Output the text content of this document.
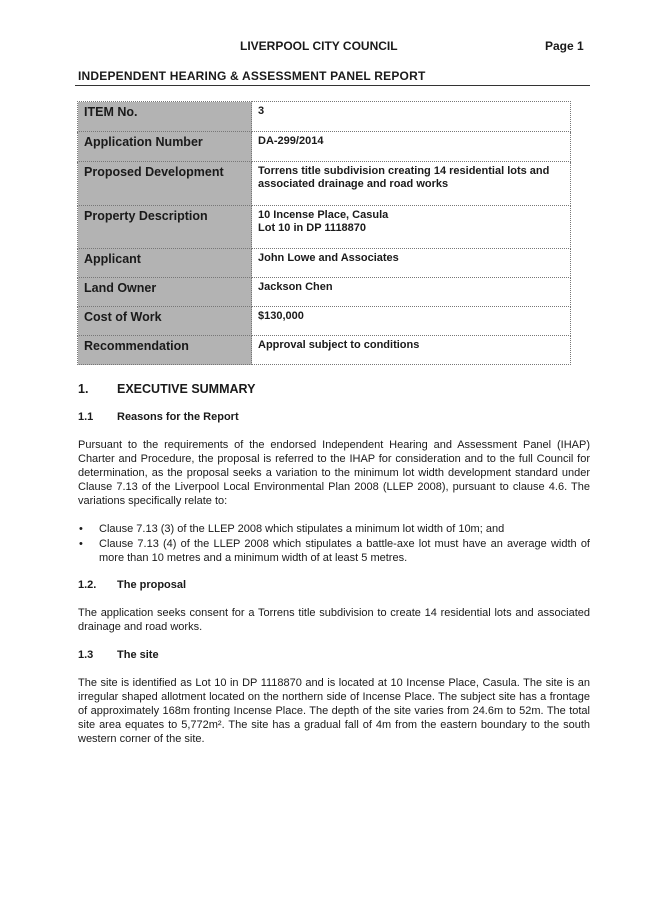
LIVERPOOL CITY COUNCIL	Page 1
INDEPENDENT HEARING & ASSESSMENT PANEL REPORT
ITEM No.	3

Application Number	DA-299/2014

Proposed Development	Torrens title subdivision creating 14 residential lots and associated drainage and road works

Property Description	10 Incense Place, Casula
Lot 10 in DP 1118870

Applicant	John Lowe and Associates

Land Owner	Jackson Chen

Cost of Work	$130,000

Recommendation	Approval subject to conditions
1. EXECUTIVE SUMMARY
1.1 Reasons for the Report

Pursuant to the requirements of the endorsed Independent Hearing and Assessment Panel (IHAP) Charter and Procedure, the proposal is referred to the IHAP for consideration and to the full Council for determination, as the proposal seeks a variation to the minimum lot width development standard under Clause 7.13 of the Liverpool Local Environmental Plan 2008 (LLEP 2008), pursuant to clause 4.6. The variations specifically relate to:

• Clause 7.13 (3) of the LLEP 2008 which stipulates a minimum lot width of 10m; and
• Clause 7.13 (4) of the LLEP 2008 which stipulates a battle-axe lot must have an average width of more than 10 metres and a minimum width of at least 5 metres.
1.2. The proposal

The application seeks consent for a Torrens title subdivision to create 14 residential lots and associated drainage and road works.

1.3 The site

The site is identified as Lot 10 in DP 1118870 and is located at 10 Incense Place, Casula. The site is an irregular shaped allotment located on the northern side of Incense Place. The subject site has a frontage of approximately 168m fronting Incense Place. The depth of the site varies from 24.6m to 52m. The total site area equates to 5,772m². The site has a gradual fall of 4m from the eastern boundary to the south western corner of the site.
